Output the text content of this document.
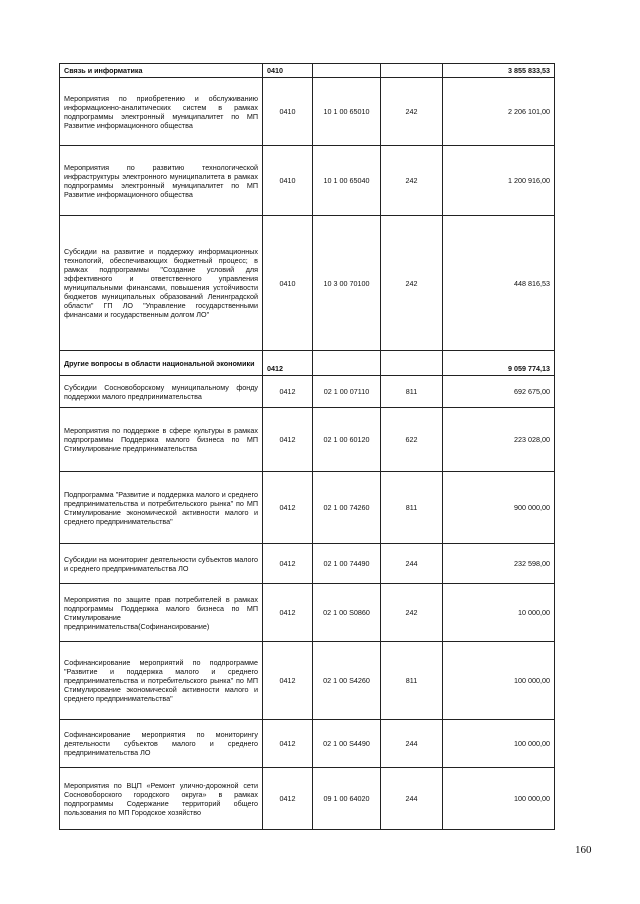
Связь и информатика	0410			3 855 833,53
Мероприятия по приобретению и обслуживанию информационно-аналитических систем в рамках подпрограммы электронный муниципалитет по МП Развитие информационного общества	0410	10 1 00 65010	242	2 206 101,00
Мероприятия по развитию технологической инфраструктуры электронного муниципалитета в рамках подпрограммы электронный муниципалитет по МП Развитие информационного общества	0410	10 1 00 65040	242	1 200 916,00
Субсидии на развитие и поддержку информационных технологий, обеспечивающих бюджетный процесс; в рамках подпрограммы "Создание условий для эффективного и ответственного управления муниципальными финансами, повышения устойчивости бюджетов муниципальных образований Ленинградской области" ГП ЛО "Управление государственными финансами и государственным долгом ЛО"	0410	10 3 00 70100	242	448 816,53
Другие вопросы в области национальной экономики	0412			9 059 774,13
Субсидии Сосновоборскому муниципальному фонду поддержки малого предпринимательства	0412	02 1 00 07110	811	692 675,00
Мероприятия по поддержке в сфере культуры в рамках подпрограммы Поддержка малого бизнеса по МП Стимулирование предпринимательства	0412	02 1 00 60120	622	223 028,00
Подпрограмма "Развитие и поддержка малого и среднего предпринимательства и потребительского рынка" по МП Стимулирование экономической активности малого и среднего предпринимательства"	0412	02 1 00 74260	811	900 000,00
Субсидии на мониторинг деятельности субъектов малого и среднего предпринимательства ЛО	0412	02 1 00 74490	244	232 598,00
Мероприятия по защите прав потребителей в рамках подпрограммы Поддержка малого бизнеса по МП Стимулирование предпринимательства(Софинансирование)	0412	02 1 00 S0860	242	10 000,00
Софинансирование мероприятий по подпрограмме "Развитие и поддержка малого и среднего предпринимательства и потребительского рынка" по МП Стимулирование экономической активности малого и среднего предпринимательства"	0412	02 1 00 S4260	811	100 000,00
Софинансирование мероприятия по мониторингу деятельности субъектов малого и среднего предпринимательства ЛО	0412	02 1 00 S4490	244	100 000,00
Мероприятия по ВЦП «Ремонт улично-дорожной сети Сосновоборского городского округа» в рамках подпрограммы Содержание территорий общего пользования по МП Городское хозяйство	0412	09 1 00 64020	244	100 000,00
160
